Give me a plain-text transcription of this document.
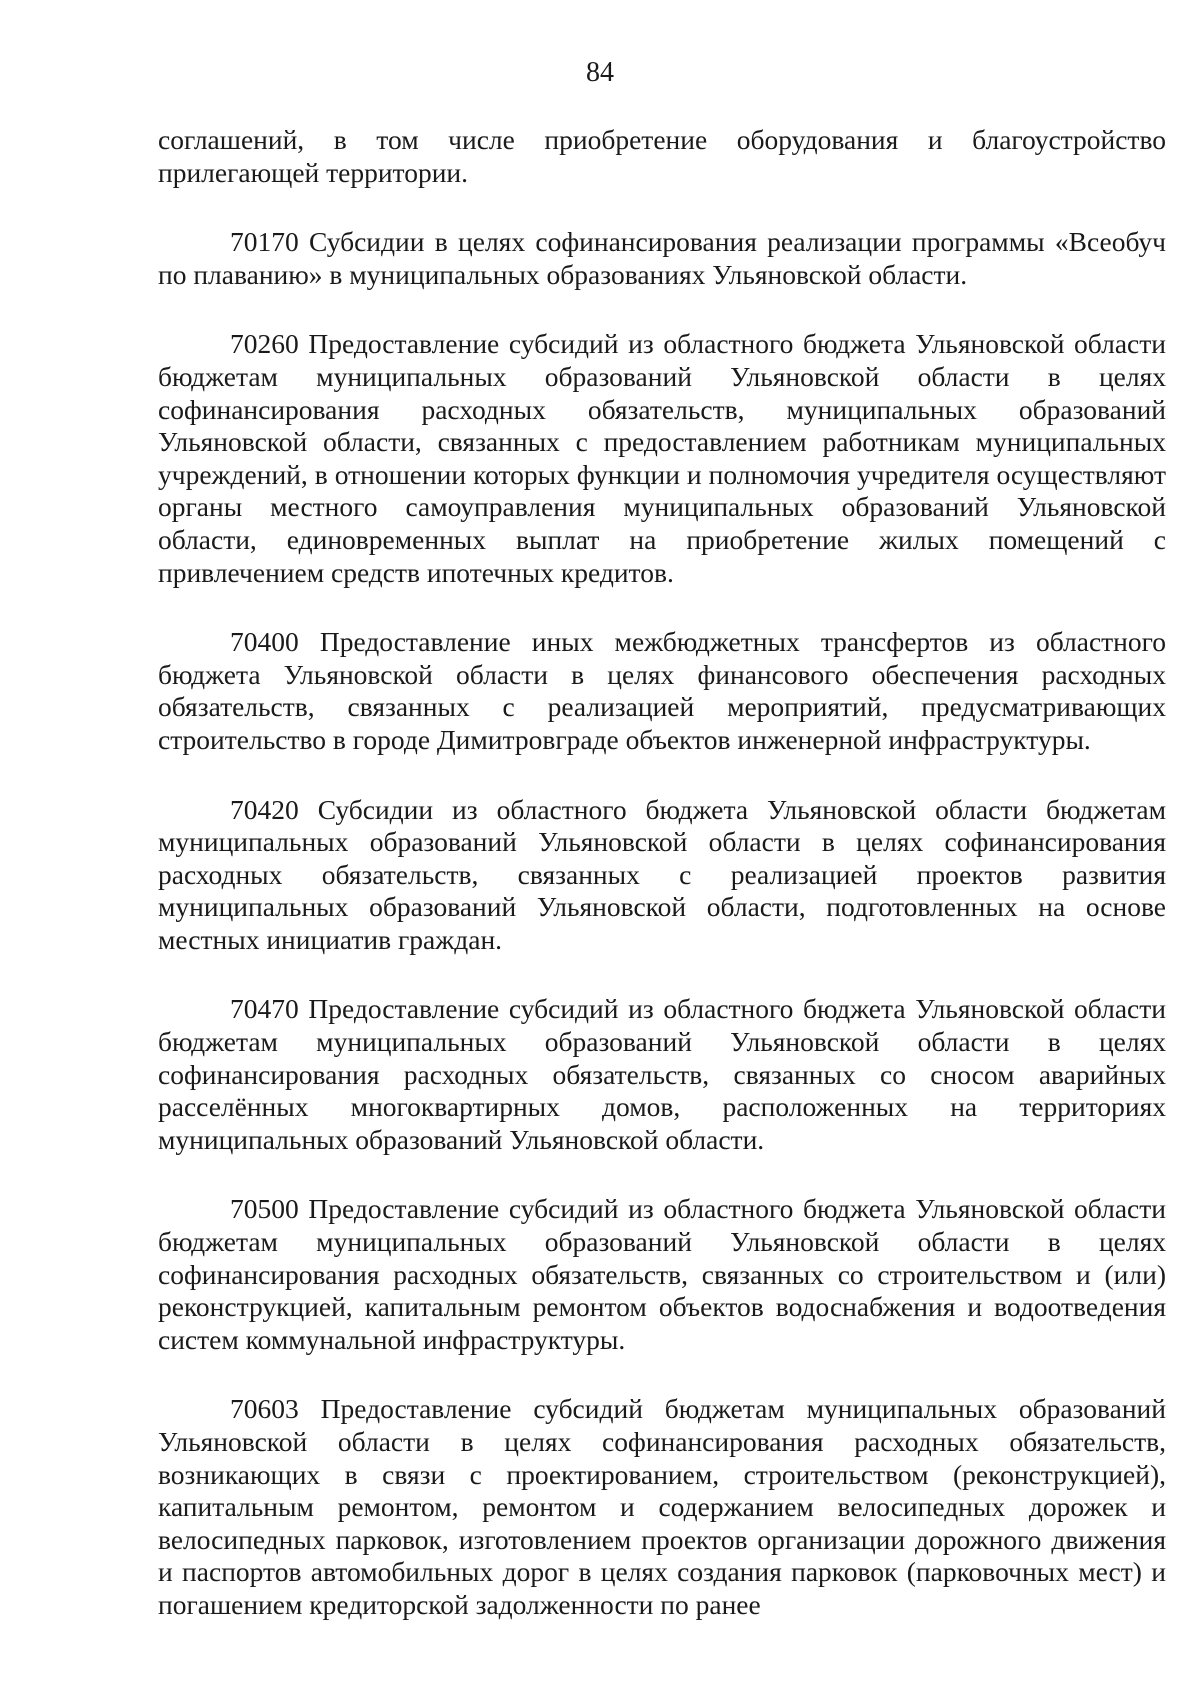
84

соглашений, в том числе приобретение оборудования и благоустройство прилегающей территории.

70170 Субсидии в целях софинансирования реализации программы «Всеобуч по плаванию» в муниципальных образованиях Ульяновской области.

70260 Предоставление субсидий из областного бюджета Ульяновской области бюджетам муниципальных образований Ульяновской области в целях софинансирования расходных обязательств, муниципальных образований Ульяновской области, связанных с предоставлением работникам муниципальных учреждений, в отношении которых функции и полномочия учредителя осуществляют органы местного самоуправления муниципальных образований Ульяновской области, единовременных выплат на приобретение жилых помещений с привлечением средств ипотечных кредитов.

70400 Предоставление иных межбюджетных трансфертов из областного бюджета Ульяновской области в целях финансового обеспечения расходных обязательств, связанных с реализацией мероприятий, предусматривающих строительство в городе Димитровграде объектов инженерной инфраструктуры.

70420 Субсидии из областного бюджета Ульяновской области бюджетам муниципальных образований Ульяновской области в целях софинансирования расходных обязательств, связанных с реализацией проектов развития муниципальных образований Ульяновской области, подготовленных на основе местных инициатив граждан.

70470 Предоставление субсидий из областного бюджета Ульяновской области бюджетам муниципальных образований Ульяновской области в целях софинансирования расходных обязательств, связанных со сносом аварийных расселённых многоквартирных домов, расположенных на территориях муниципальных образований Ульяновской области.

70500 Предоставление субсидий из областного бюджета Ульяновской области бюджетам муниципальных образований Ульяновской области в целях софинансирования расходных обязательств, связанных со строительством и (или) реконструкцией, капитальным ремонтом объектов водоснабжения и водоотведения систем коммунальной инфраструктуры.

70603 Предоставление субсидий бюджетам муниципальных образований Ульяновской области в целях софинансирования расходных обязательств, возникающих в связи с проектированием, строительством (реконструкцией), капитальным ремонтом, ремонтом и содержанием велосипедных дорожек и велосипедных парковок, изготовлением проектов организации дорожного движения и паспортов автомобильных дорог в целях создания парковок (парковочных мест) и погашением кредиторской задолженности по ранее
